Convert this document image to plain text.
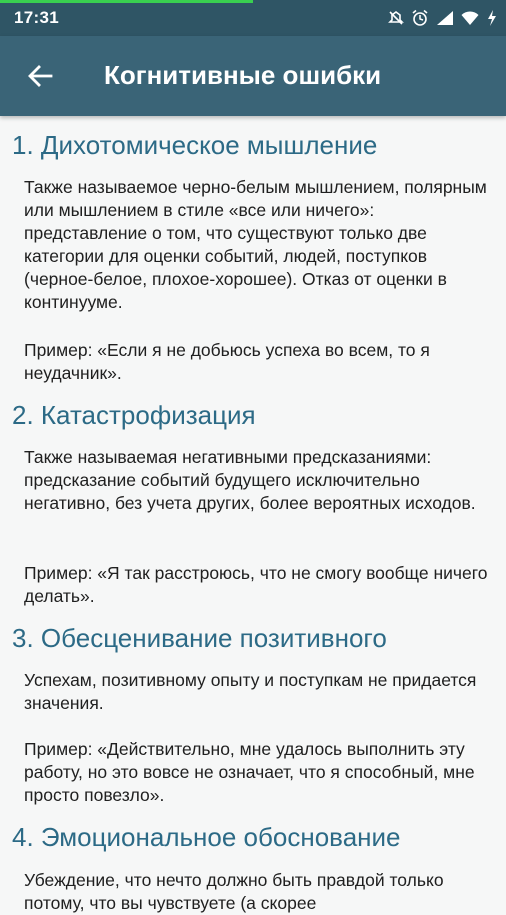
17:31
Когнитивные ошибки
1. Дихотомическое мышление

Также называемое черно-белым мышлением, полярным или мышлением в стиле «все или ничего»: представление о том, что существуют только две категории для оценки событий, людей, поступков (черное-белое, плохое-хорошее). Отказ от оценки в континууме.

Пример: «Если я не добьюсь успеха во всем, то я неудачник».

2. Катастрофизация

Также называемая негативными предсказаниями: предсказание событий будущего исключительно негативно, без учета других, более вероятных исходов.

Пример: «Я так расстроюсь, что не смогу вообще ничего делать».

3. Обесценивание позитивного

Успехам, позитивному опыту и поступкам не придается значения.

Пример: «Действительно, мне удалось выполнить эту работу, но это вовсе не означает, что я способный, мне просто повезло».

4. Эмоциональное обоснование

Убеждение, что нечто должно быть правдой только потому, что вы чувствуете (а скорее
